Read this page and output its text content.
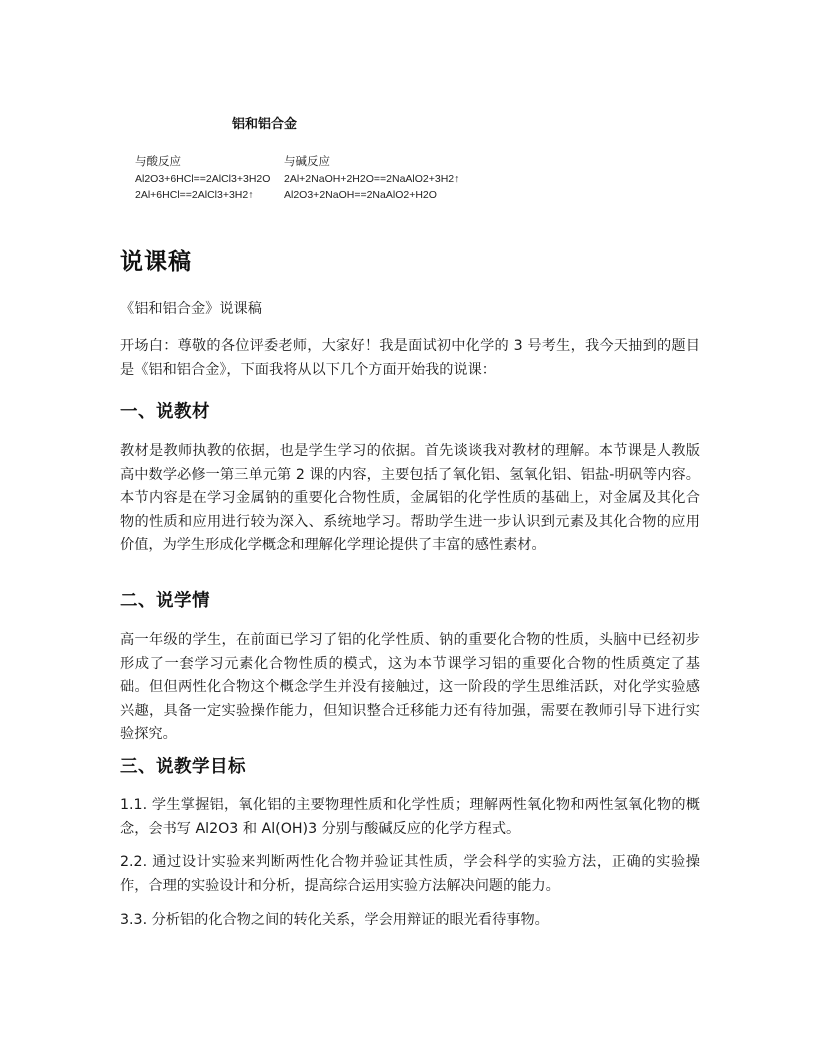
铝和铝合金
与酸反应
Al2O3+6HCl==2AlCl3+3H2O
2Al+6HCl==2AlCl3+3H2↑
与碱反应
2Al+2NaOH+2H2O==2NaAlO2+3H2↑
Al2O3+2NaOH==2NaAlO2+H2O
说课稿

《铝和铝合金》说课稿

开场白：尊敬的各位评委老师，大家好！我是面试初中化学的 3 号考生，我今天抽到的题目是《铝和铝合金》，下面我将从以下几个方面开始我的说课：

一、说教材

教材是教师执教的依据，也是学生学习的依据。首先谈谈我对教材的理解。本节课是人教版高中数学必修一第三单元第 2 课的内容，主要包括了氧化铝、氢氧化铝、铝盐-明矾等内容。本节内容是在学习金属钠的重要化合物性质，金属铝的化学性质的基础上，对金属及其化合物的性质和应用进行较为深入、系统地学习。帮助学生进一步认识到元素及其化合物的应用价值，为学生形成化学概念和理解化学理论提供了丰富的感性素材。

二、说学情

高一年级的学生，在前面已学习了铝的化学性质、钠的重要化合物的性质，头脑中已经初步形成了一套学习元素化合物性质的模式，这为本节课学习铝的重要化合物的性质奠定了基础。但但两性化合物这个概念学生并没有接触过，这一阶段的学生思维活跃，对化学实验感兴趣，具备一定实验操作能力，但知识整合迁移能力还有待加强，需要在教师引导下进行实验探究。

三、说教学目标

1.1. 学生掌握铝，氧化铝的主要物理性质和化学性质；理解两性氧化物和两性氢氧化物的概念，会书写 Al2O3 和 Al(OH)3 分别与酸碱反应的化学方程式。

2.2. 通过设计实验来判断两性化合物并验证其性质，学会科学的实验方法，正确的实验操作，合理的实验设计和分析，提高综合运用实验方法解决问题的能力。

3.3. 分析铝的化合物之间的转化关系，学会用辩证的眼光看待事物。
